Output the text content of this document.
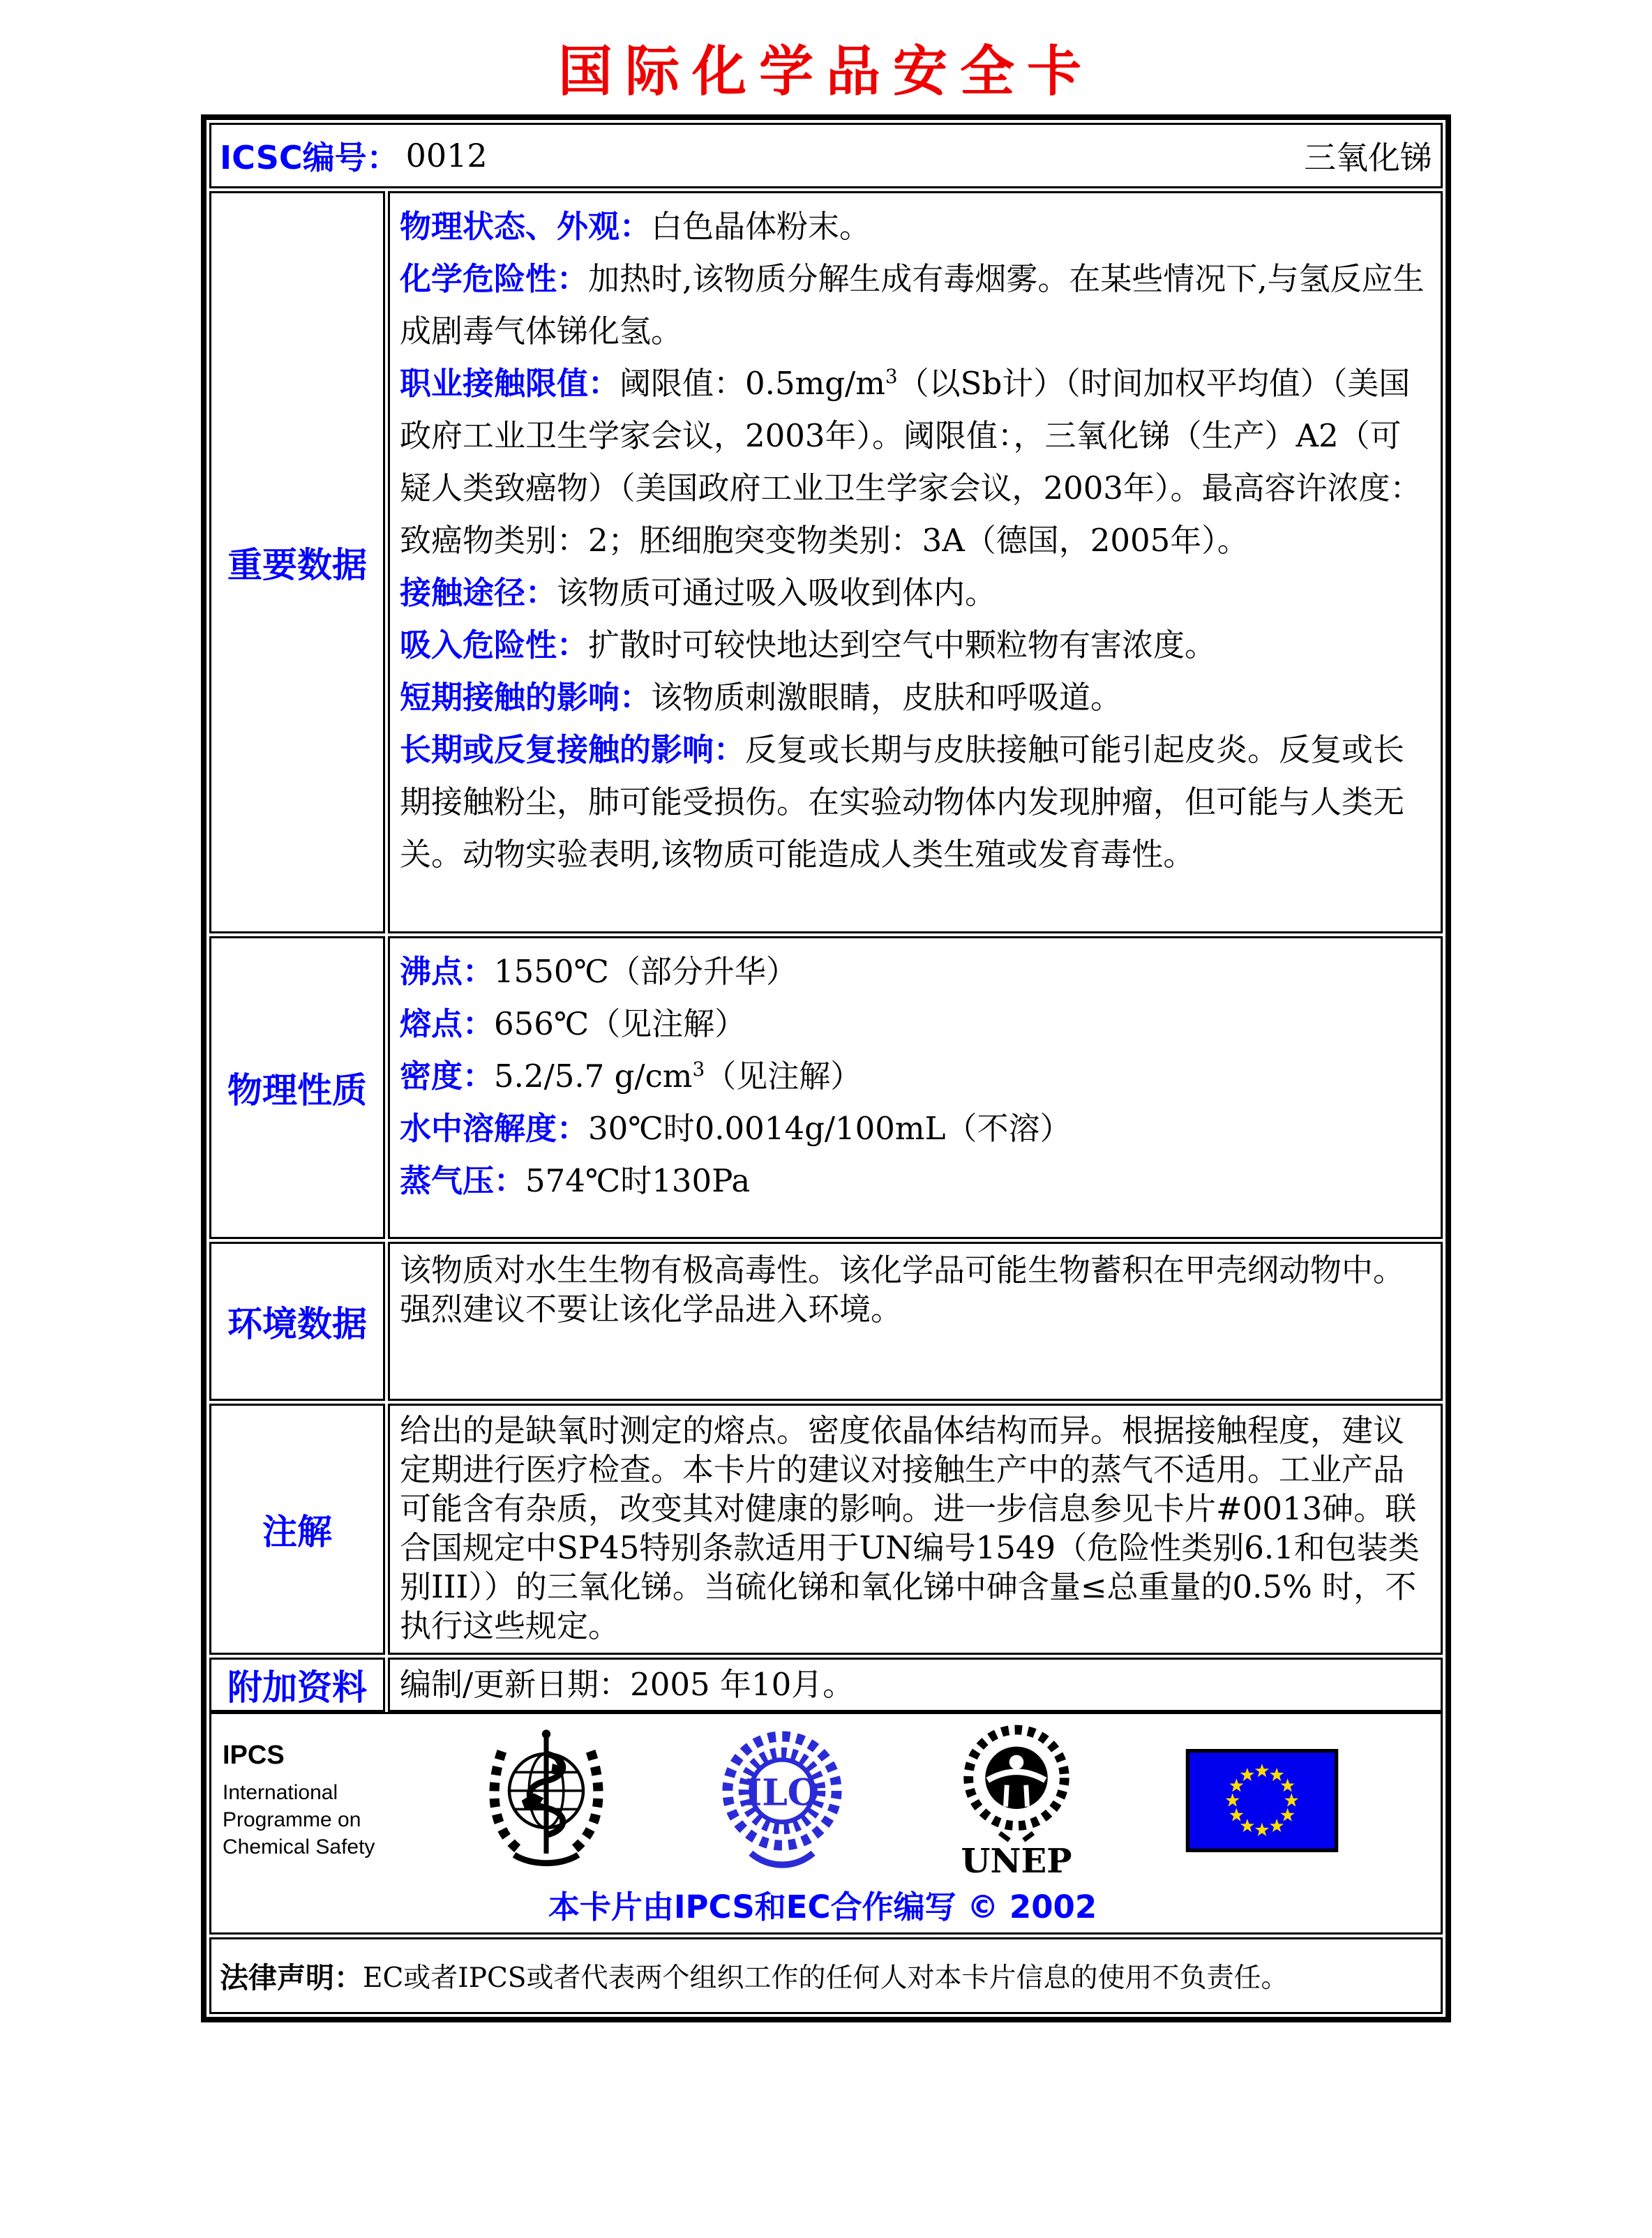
国际化学品安全卡
ICSC编号： 0012	三氧化锑
重要数据

物理状态、外观：白色晶体粉末。

化学危险性：加热时,该物质分解生成有毒烟雾。在某些情况下,与氢反应生成剧毒气体锑化氢。

职业接触限值：阈限值：$0.5mg/m^3$（以Sb计）（时间加权平均值）（美国政府工业卫生学家会议，2003年）。阈限值：，三氧化锑（生产）A2（可疑人类致癌物）（美国政府工业卫生学家会议，2003年）。最高容许浓度：致癌物类别：2；胚细胞突变物类别：3A（德国，2005年）。

接触途径：该物质可通过吸入吸收到体内。

吸入危险性：扩散时可较快地达到空气中颗粒物有害浓度。

短期接触的影响：该物质刺激眼睛，皮肤和呼吸道。

长期或反复接触的影响：反复或长期与皮肤接触可能引起皮炎。反复或长期接触粉尘，肺可能受损伤。在实验动物体内发现肿瘤，但可能与人类无关。动物实验表明,该物质可能造成人类生殖或发育毒性。

物理性质

沸点：1550℃（部分升华）

熔点：656℃（见注解）

密度：5.2/5.7 $g/cm^3$（见注解）

水中溶解度：30℃时0.0014g/100mL（不溶）

蒸气压：574℃时130Pa

环境数据

该物质对水生生物有极高毒性。该化学品可能生物蓄积在甲壳纲动物中。强烈建议不要让该化学品进入环境。

注解

给出的是缺氧时测定的熔点。密度依晶体结构而异。根据接触程度，建议定期进行医疗检查。本卡片的建议对接触生产中的蒸气不适用。工业产品可能含有杂质，改变其对健康的影响。进一步信息参见卡片#0013砷。联合国规定中SP45特别条款适用于UN编号1549（危险性类别6.1和包装类别III））的三氧化锑。当硫化锑和氧化锑中砷含量≤总重量的0.5% 时，不执行这些规定。

附加资料	编制/更新日期：2005 年10月。

IPCS
International
Programme on
Chemical Safety
ILO
UNEP
本卡片由IPCS和EC合作编写 © 2002
法律声明： EC或者IPCS或者代表两个组织工作的任何人对本卡片信息的使用不负责任。
